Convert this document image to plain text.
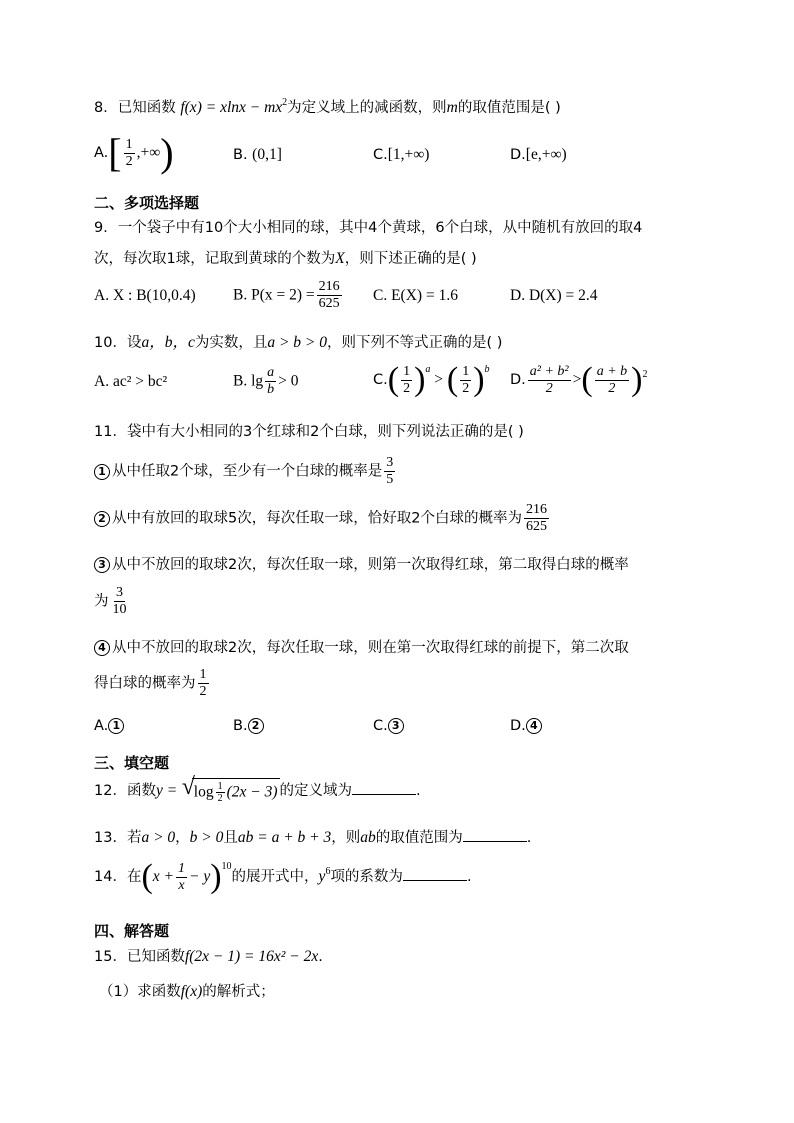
8．已知函数 $f(x) = xlnx - mx^2$为定义域上的减函数，则m的取值范围是( )
$A.[ \frac{1}{2}$ ,+∞)	B. (0,1]	C.[1,+∞)	D.[e,+∞)
二、多项选择题
9．一个袋子中有10个大小相同的球，其中4个黄球，6个白球，从中随机有放回的取4
次，每次取1球，记取到黄球的个数为X，则下述正确的是( )
A. X : B(10,0.4) B. $P(x = 2) = \frac{216}{625} C$. E(X) = 1.6	D. D(X) = 2.4
10．设a，b，c为实数，且a > b > 0，则下列不等式正确的是( )
A. ac² > bc²	B. $\lg \frac{a}{b} > 0$	$C.( \frac{1}{2} )^a$ > ( $\frac{1}{2} )^b$
D. $\frac{\text{a² + b²}}{2}$ >( $\frac{a + b}{2} )^2$
11．袋中有大小相同的3个红球和2个白球，则下列说法正确的是( )
1 从中任取2个球，至少有一个白球的概率是 $\frac{3}{5}$
2 从中有放回的取球5次，每次任取一球，恰好取2个白球的概率为 $\frac{216}{625}$
3 从中不放回的取球2次，每次任取一球，则第一次取得红球，第二取得白球的概率
为 $\frac{3}{10}$
4 从中不放回的取球2次，每次任取一球，则在第一次取得红球的前提下，第二次取
得白球的概率为 $\frac{1}{2}$
A. 1	B. 2	C. 3	D. 4
三、填空题
12．函数y = √
$\log \frac{1}{2} (2x - 3)$ 的定义域为	.
13．若a > 0，b > 0且ab = a + b + 3，则ab的取值范围为	.
14．在$(x + \frac{1}{x} - y)^{10}$的展开式中，$y^6$项的系数为	.
四、解答题
15．已知函数f(2x − 1) = 16x² − 2x.
（1）求函数f(x)的解析式；
